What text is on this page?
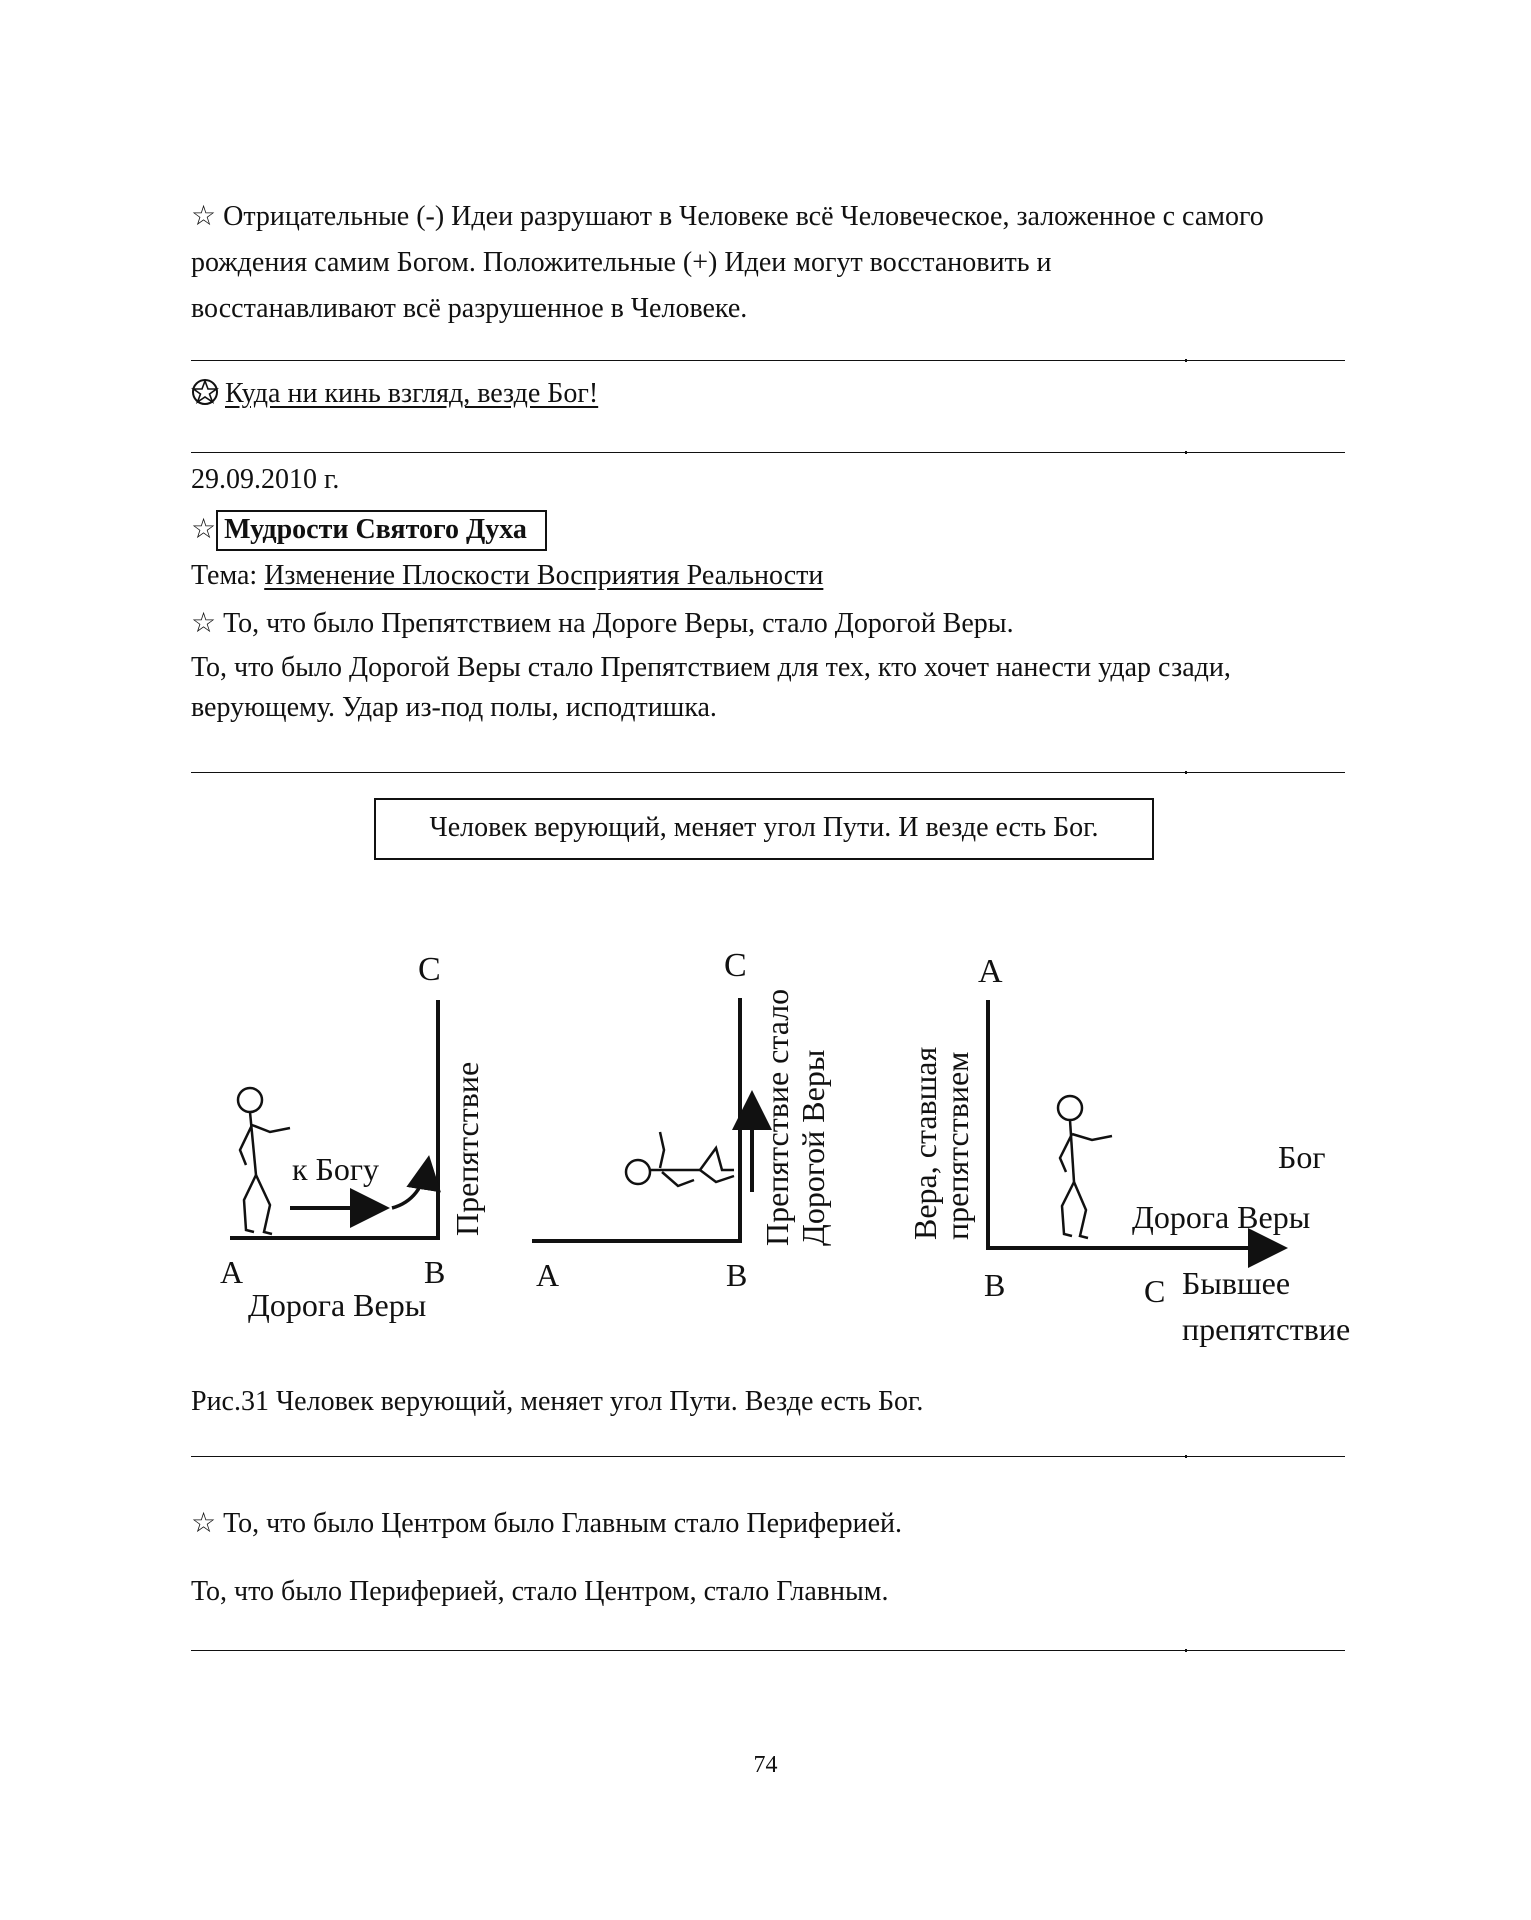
☆ Отрицательные (-) Идеи разрушают в Человеке всё Человеческое, заложенное с самого
рождения самим Богом. Положительные (+) Идеи могут восстановить и
восстанавливают всё разрушенное в Человеке.
Куда ни кинь взгляд, везде Бог!
29.09.2010 г.
☆ Мудрости Святого Духа
Тема: Изменение Плоскости Восприятия Реальности
☆ То, что было Препятствием на Дороге Веры, стало Дорогой Веры.
То, что было Дорогой Веры стало Препятствием для тех, кто хочет нанести удар сзади,
верующему. Удар из-под полы, исподтишка.
Человек верующий, меняет угол Пути. И везде есть Бог.
C
A	B
Дорога Веры
к Богу Препятствие
C
A	B
Препятствие стало Дорогой Веры
A
B	C
Вера, ставшая
препятствием	Бог
Дорога Веры
Бывшее
препятствие
Рис.31 Человек верующий, меняет угол Пути. Везде есть Бог.
☆ То, что было Центром было Главным стало Периферией.
То, что было Периферией, стало Центром, стало Главным.
74
